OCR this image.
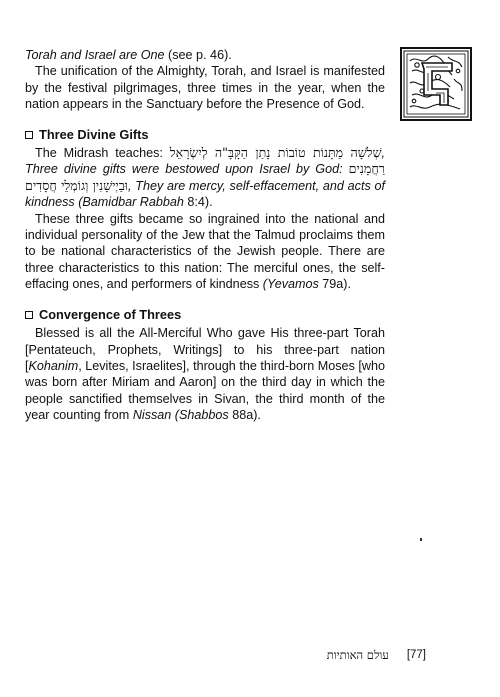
Torah and Israel are One (see p. 46).

The unification of the Almighty, Torah, and Israel is manifested by the festival pilgrimages, three times in the year, when the nation appears in the Sanctuary before the Presence of God.

Three Divine Gifts

The Midrash teaches: שְׁלֹשָׁה מַתָּנוֹת טוֹבוֹת נָתַן הַקָּבָּ"ה לְיִשְׂרָאֵל, Three divine gifts were bestowed upon Israel by God: רַחֲמָנִים וּבַיְישָׁנִין וְגוֹמְלֵי חֲסָדִים, They are mercy, self-effacement, and acts of kindness (Bamidbar Rabbah 8:4).

These three gifts became so ingrained into the national and individual personality of the Jew that the Talmud proclaims them to be national characteristics of the Jewish people. There are three characteristics to this nation: The merciful ones, the self-effacing ones, and performers of kindness (Yevamos 79a).

Convergence of Threes

Blessed is all the All-Merciful Who gave His three-part Torah [Pentateuch, Prophets, Writings] to his three-part nation [Kohanim, Levites, Israelites], through the third-born Moses [who was born after Miriam and Aaron] on the third day in which the people sanctified themselves in Sivan, the third month of the year counting from Nissan (Shabbos 88a).

עולם האותיות [77]
